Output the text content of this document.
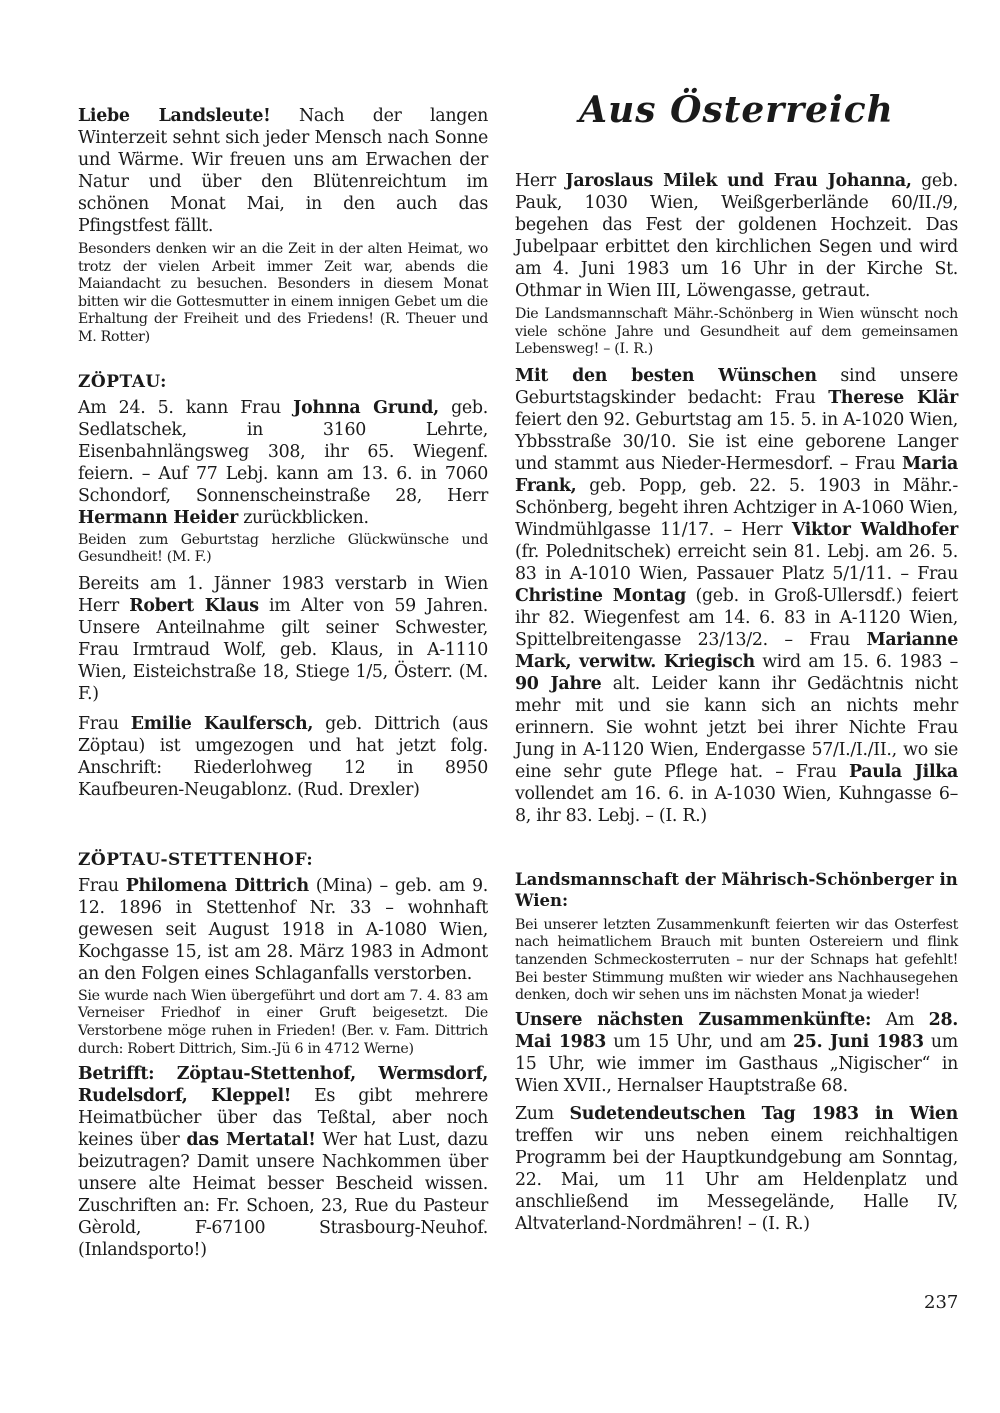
Aus Österreich
Liebe Landsleute! Nach der langen Winterzeit sehnt sich jeder Mensch nach Sonne und Wärme. Wir freuen uns am Erwachen der Natur und über den Blütenreichtum im schönen Monat Mai, in den auch das Pfingstfest fällt.
Besonders denken wir an die Zeit in der alten Heimat, wo trotz der vielen Arbeit immer Zeit war, abends die Maiandacht zu besuchen. Besonders in diesem Monat bitten wir die Gottesmutter in einem innigen Gebet um die Erhaltung der Freiheit und des Friedens! (R. Theuer und M. Rotter)
ZÖPTAU:
Am 24. 5. kann Frau Johnna Grund, geb. Sedlatschek, in 3160 Lehrte, Eisenbahnlängsweg 308, ihr 65. Wiegenf. feiern. – Auf 77 Lebj. kann am 13. 6. in 7060 Schondorf, Sonnenscheinstraße 28, Herr Hermann Heider zurückblicken.
Beiden zum Geburtstag herzliche Glückwünsche und Gesundheit! (M. F.)
Bereits am 1. Jänner 1983 verstarb in Wien Herr Robert Klaus im Alter von 59 Jahren. Unsere Anteilnahme gilt seiner Schwester, Frau Irmtraud Wolf, geb. Klaus, in A-1110 Wien, Eisteichstraße 18, Stiege 1/5, Österr. (M. F.)
Frau Emilie Kaulfersch, geb. Dittrich (aus Zöptau) ist umgezogen und hat jetzt folg. Anschrift: Riederlohweg 12 in 8950 Kaufbeuren-Neugablonz. (Rud. Drexler)
ZÖPTAU-STETTENHOF:
Frau Philomena Dittrich (Mina) – geb. am 9. 12. 1896 in Stettenhof Nr. 33 – wohnhaft gewesen seit August 1918 in A-1080 Wien, Kochgasse 15, ist am 28. März 1983 in Admont an den Folgen eines Schlaganfalls verstorben.
Sie wurde nach Wien übergeführt und dort am 7. 4. 83 am Verneiser Friedhof in einer Gruft beigesetzt. Die Verstorbene möge ruhen in Frieden! (Ber. v. Fam. Dittrich durch: Robert Dittrich, Sim.-Jü 6 in 4712 Werne)
Betrifft: Zöptau-Stettenhof, Wermsdorf, Rudelsdorf, Kleppel! Es gibt mehrere Heimatbücher über das Teßtal, aber noch keines über das Mertatal! Wer hat Lust, dazu beizutragen? Damit unsere Nachkommen über unsere alte Heimat besser Bescheid wissen. Zuschriften an: Fr. Schoen, 23, Rue du Pasteur Gèrold, F-67100 Strasbourg-Neuhof. (Inlandsporto!)
Herr Jaroslaus Milek und Frau Johanna, geb. Pauk, 1030 Wien, Weißgerberlände 60/II./9, begehen das Fest der goldenen Hochzeit. Das Jubelpaar erbittet den kirchlichen Segen und wird am 4. Juni 1983 um 16 Uhr in der Kirche St. Othmar in Wien III, Löwengasse, getraut.
Die Landsmannschaft Mähr.-Schönberg in Wien wünscht noch viele schöne Jahre und Gesundheit auf dem gemeinsamen Lebensweg! – (I. R.)
Mit den besten Wünschen sind unsere Geburtstagskinder bedacht: Frau Therese Klär feiert den 92. Geburtstag am 15. 5. in A-1020 Wien, Ybbsstraße 30/10. Sie ist eine geborene Langer und stammt aus Nieder-Hermesdorf. – Frau Maria Frank, geb. Popp, geb. 22. 5. 1903 in Mähr.-Schönberg, begeht ihren Achtziger in A-1060 Wien, Windmühlgasse 11/17. – Herr Viktor Waldhofer (fr. Polednitschek) erreicht sein 81. Lebj. am 26. 5. 83 in A-1010 Wien, Passauer Platz 5/1/11. – Frau Christine Montag (geb. in Groß-Ullersdf.) feiert ihr 82. Wiegenfest am 14. 6. 83 in A-1120 Wien, Spittelbreitengasse 23/13/2. – Frau Marianne Mark, verwitw. Kriegisch wird am 15. 6. 1983 – 90 Jahre alt. Leider kann ihr Gedächtnis nicht mehr mit und sie kann sich an nichts mehr erinnern. Sie wohnt jetzt bei ihrer Nichte Frau Jung in A-1120 Wien, Endergasse 57/I./I./II., wo sie eine sehr gute Pflege hat. – Frau Paula Jilka vollendet am 16. 6. in A-1030 Wien, Kuhngasse 6–8, ihr 83. Lebj. – (I. R.)
Landsmannschaft der Mährisch-Schönberger in Wien:
Bei unserer letzten Zusammenkunft feierten wir das Osterfest nach heimatlichem Brauch mit bunten Ostereiern und flink tanzenden Schmeckosterruten – nur der Schnaps hat gefehlt! Bei bester Stimmung mußten wir wieder ans Nachhausegehen denken, doch wir sehen uns im nächsten Monat ja wieder!
Unsere nächsten Zusammenkünfte: Am 28. Mai 1983 um 15 Uhr, und am 25. Juni 1983 um 15 Uhr, wie immer im Gasthaus „Nigischer“ in Wien XVII., Hernalser Hauptstraße 68.
Zum Sudetendeutschen Tag 1983 in Wien treffen wir uns neben einem reichhaltigen Programm bei der Hauptkundgebung am Sonntag, 22. Mai, um 11 Uhr am Heldenplatz und anschließend im Messegelände, Halle IV, Altvaterland-Nordmähren! – (I. R.)
237
